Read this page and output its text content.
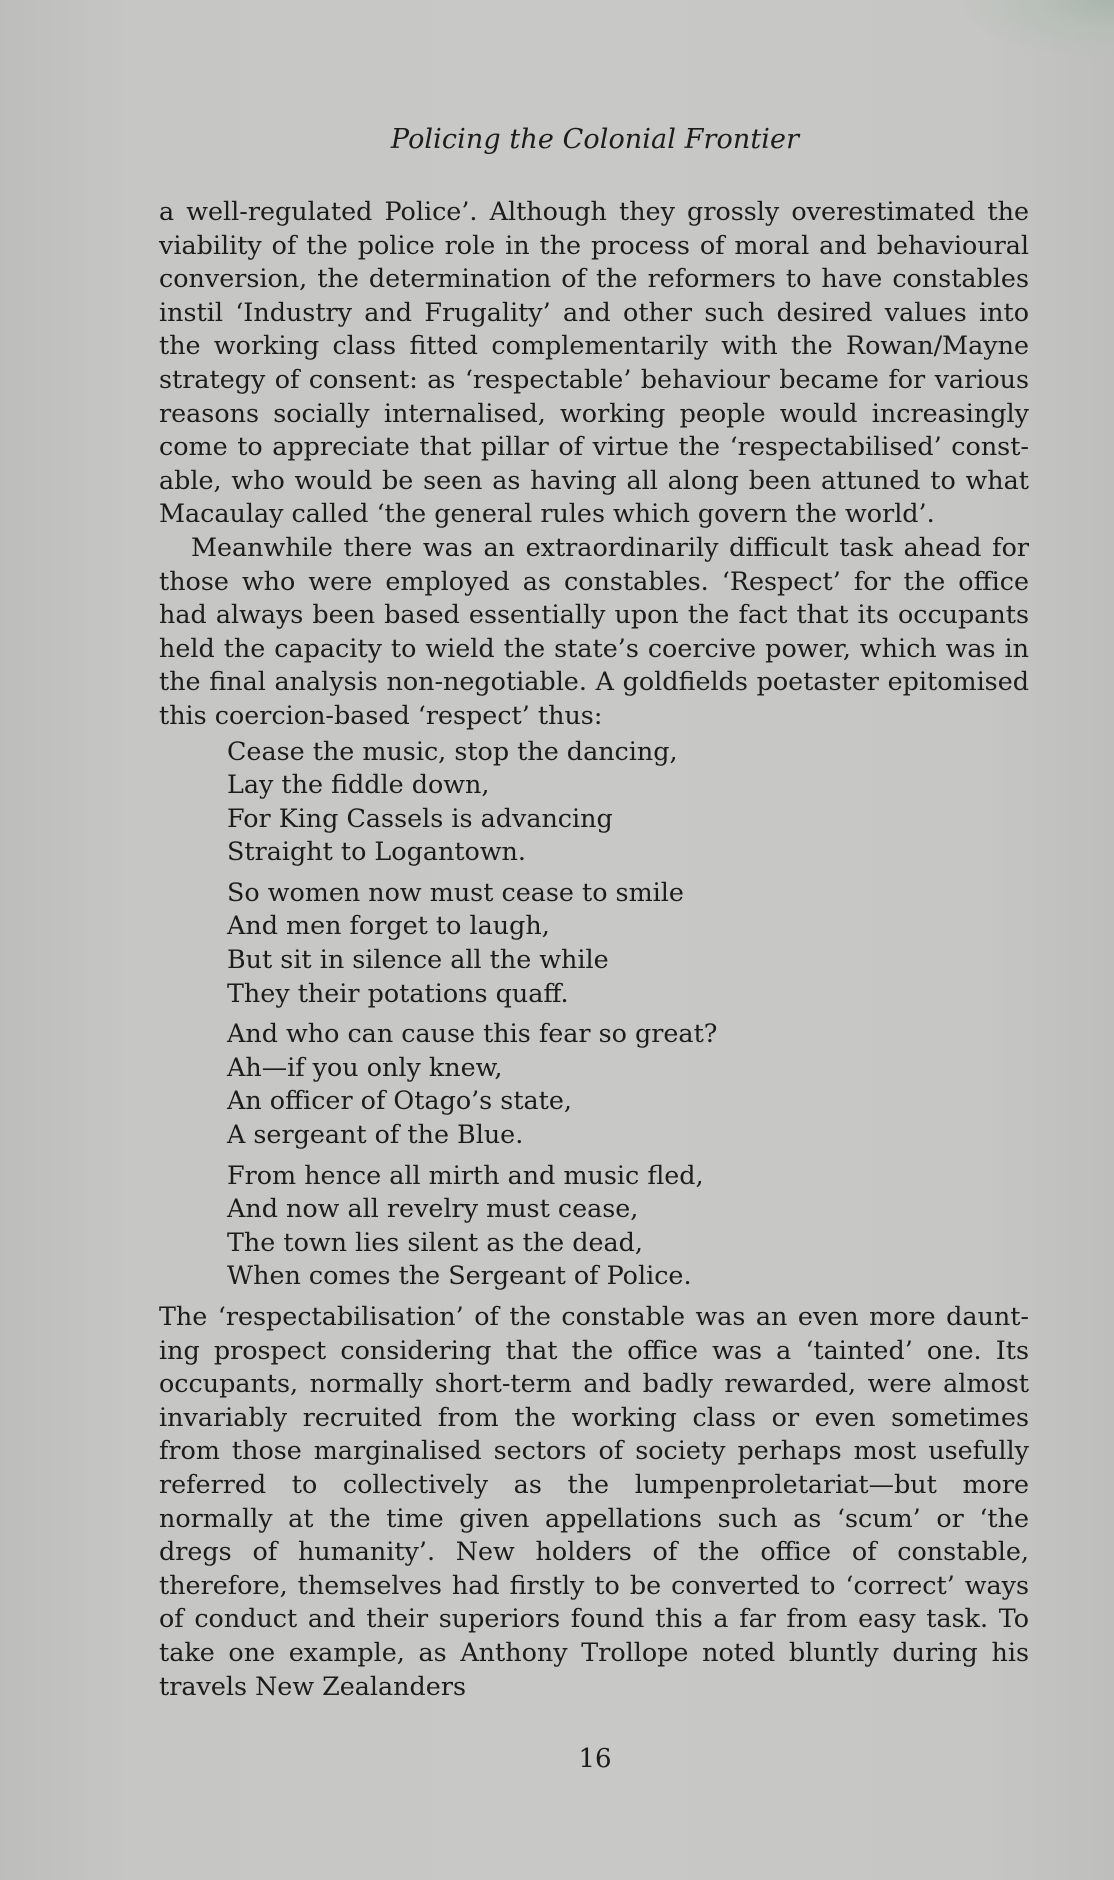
Policing the Colonial Frontier

a well-regulated Police’. Although they grossly overestimated the viability of the police role in the process of moral and behavioural conversion, the determination of the reformers to have constables instil ‘Industry and Frugality’ and other such desired values into the working class fitted complementarily with the Rowan/Mayne strategy of consent: as ‘respectable’ behaviour became for various reasons socially internalised, working people would increasingly come to appreciate that pillar of virtue the ‘respectabilised’ constable, who would be seen as having all along been attuned to what Macaulay called ‘the general rules which govern the world’.

Meanwhile there was an extraordinarily difficult task ahead for those who were employed as constables. ‘Respect’ for the office had always been based essentially upon the fact that its occupants held the capacity to wield the state’s coercive power, which was in the final analysis non-negotiable. A goldfields poetaster epitomised this coercion-based ‘respect’ thus:

Cease the music, stop the dancing,
Lay the fiddle down,
For King Cassels is advancing
Straight to Logantown.
So women now must cease to smile
And men forget to laugh,
But sit in silence all the while
They their potations quaff.
And who can cause this fear so great?
Ah—if you only knew,
An officer of Otago’s state,
A sergeant of the Blue.
From hence all mirth and music fled,
And now all revelry must cease,
The town lies silent as the dead,
When comes the Sergeant of Police.

The ‘respectabilisation’ of the constable was an even more daunting prospect considering that the office was a ‘tainted’ one. Its occupants, normally short-term and badly rewarded, were almost invariably recruited from the working class or even sometimes from those marginalised sectors of society perhaps most usefully referred to collectively as the lumpenproletariat—but more normally at the time given appellations such as ‘scum’ or ‘the dregs of humanity’. New holders of the office of constable, therefore, themselves had firstly to be converted to ‘correct’ ways of conduct and their superiors found this a far from easy task. To take one example, as Anthony Trollope noted bluntly during his travels New Zealanders

16
